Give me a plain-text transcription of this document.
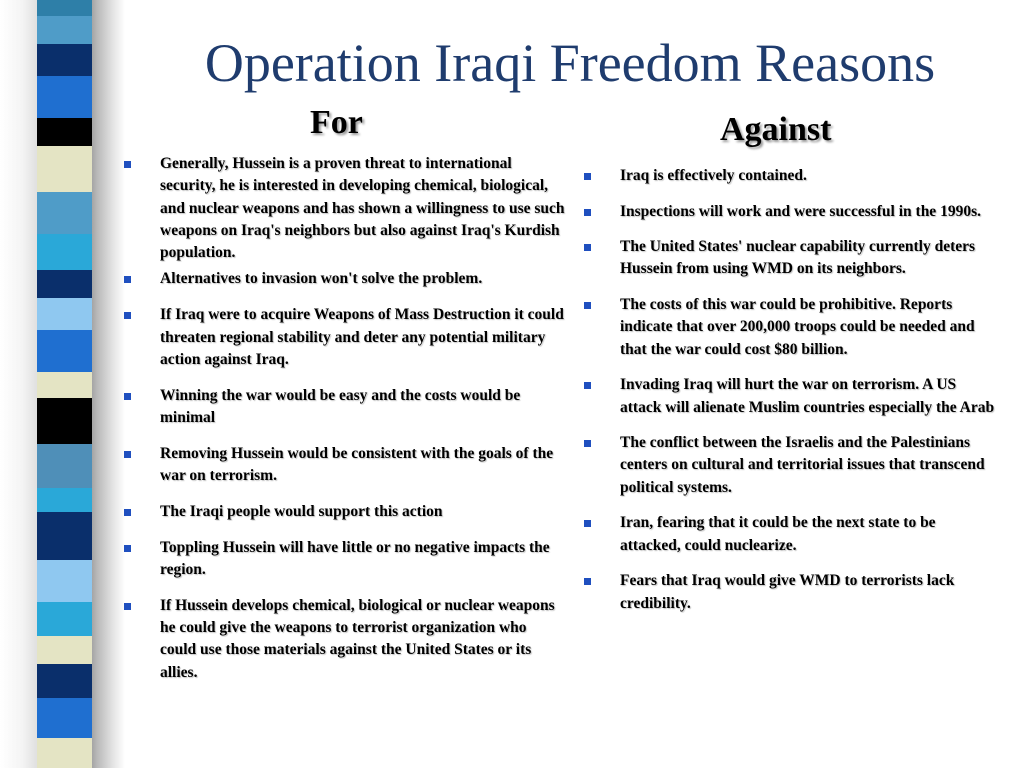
Operation Iraqi Freedom Reasons
For	Against
Generally, Hussein is a proven threat to international security, he is interested in developing chemical, biological, and nuclear weapons and has shown a willingness to use such weapons on Iraq's neighbors but also against Iraq's Kurdish population.
Alternatives to invasion won't solve the problem.
If Iraq were to acquire Weapons of Mass Destruction it could threaten regional stability and deter any potential military action against Iraq.
Winning the war would be easy and the costs would be minimal
Removing Hussein would be consistent with the goals of the war on terrorism.
The Iraqi people would support this action
Toppling Hussein will have little or no negative impacts the region.
If Hussein develops chemical, biological or nuclear weapons he could give the weapons to terrorist organization who could use those materials against the United States or its allies.
Iraq is effectively contained.
Inspections will work and were successful in the 1990s.
The United States' nuclear capability currently deters Hussein from using WMD on its neighbors.
The costs of this war could be prohibitive. Reports indicate that over 200,000 troops could be needed and that the war could cost $80 billion.
Invading Iraq will hurt the war on terrorism. A US attack will alienate Muslim countries especially the Arab
The conflict between the Israelis and the Palestinians centers on cultural and territorial issues that transcend political systems.
Iran, fearing that it could be the next state to be attacked, could nuclearize.
Fears that Iraq would give WMD to terrorists lack credibility.
